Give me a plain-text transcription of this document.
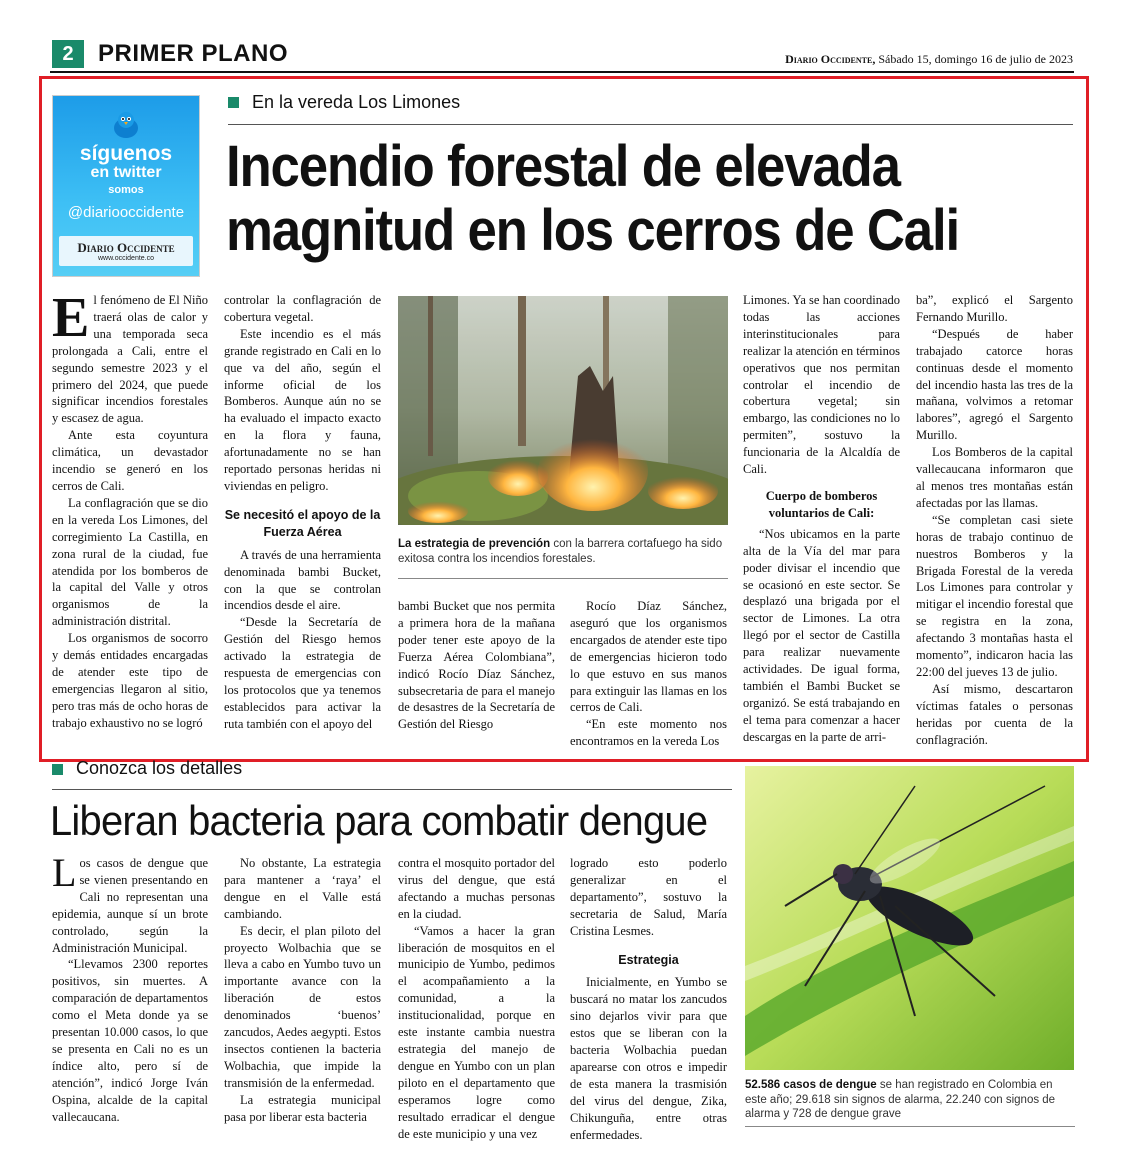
2	PRIMER PLANO	Diario Occidente, Sábado 15, domingo 16 de julio de 2023
síguenos
en twitter
somos
@diariooccidente
Diario Occidente
www.occidente.co
En la vereda Los Limones
Incendio forestal de elevada magnitud en los cerros de Cali
E l fenómeno de El Niño traerá olas de calor y una temporada seca prolongada a Cali, entre el segundo semestre 2023 y el primero del 2024, que puede significar incendios forestales y escasez de agua.

Ante esta coyuntura climática, un devastador incendio se generó en los cerros de Cali.

La conflagración que se dio en la vereda Los Limones, del corregimiento La Castilla, en zona rural de la ciudad, fue atendida por los bomberos de la capital del Valle y otros organismos de la administración distrital.

Los organismos de socorro y demás entidades encargadas de atender este tipo de emergencias llegaron al sitio, pero tras más de ocho horas de trabajo exhaustivo no se logró

controlar la conflagración de cobertura vegetal.

Este incendio es el más grande registrado en Cali en lo que va del año, según el informe oficial de los Bomberos. Aunque aún no se ha evaluado el impacto exacto en la flora y fauna, afortunadamente no se han reportado personas heridas ni viviendas en peligro.

Se necesitó el apoyo de la Fuerza Aérea

A través de una herramienta denominada bambi Bucket, con la que se controlan incendios desde el aire.

“Desde la Secretaría de Gestión del Riesgo hemos activado la estrategia de respuesta de emergencias con los protocolos que ya tenemos establecidos para activar la ruta también con el apoyo del

La estrategia de prevención con la barrera cortafuego ha sido exitosa contra los incendios forestales.

bambi Bucket que nos permita a primera hora de la mañana poder tener este apoyo de la Fuerza Aérea Colombiana”, indicó Rocío Díaz Sánchez, subsecretaria de para el manejo de desastres de la Secretaría de Gestión del Riesgo

Rocío Díaz Sánchez, aseguró que los organismos encargados de atender este tipo de emergencias hicieron todo lo que estuvo en sus manos para extinguir las llamas en los cerros de Cali.

“En este momento nos encontramos en la vereda Los

Limones. Ya se han coordinado todas las acciones interinstitucionales para realizar la atención en términos operativos que nos permitan controlar el incendio de cobertura vegetal; sin embargo, las condiciones no lo permiten”, sostuvo la funcionaria de la Alcaldía de Cali.

Cuerpo de bomberos voluntarios de Cali:

“Nos ubicamos en la parte alta de la Vía del mar para poder divisar el incendio que se ocasionó en este sector. Se desplazó una brigada por el sector de Limones. La otra llegó por el sector de Castilla para realizar nuevamente actividades. De igual forma, también el Bambi Bucket se organizó. Se está trabajando en el tema para comenzar a hacer descargas en la parte de arri-

ba”, explicó el Sargento Fernando Murillo.

“Después de haber trabajado catorce horas continuas desde el momento del incendio hasta las tres de la mañana, volvimos a retomar labores”, agregó el Sargento Murillo.

Los Bomberos de la capital vallecaucana informaron que al menos tres montañas están afectadas por las llamas.

“Se completan casi siete horas de trabajo continuo de nuestros Bomberos y la Brigada Forestal de la vereda Los Limones para controlar y mitigar el incendio forestal que se registra en la zona, afectando 3 montañas hasta el momento”, indicaron hacia las 22:00 del jueves 13 de julio.

Así mismo, descartaron víctimas fatales o personas heridas por cuenta de la conflagración.

Conozca los detalles
Liberan bacteria para combatir dengue
L os casos de dengue que se vienen presentando en Cali no representan una epidemia, aunque sí un brote controlado, según la Administración Municipal.

“Llevamos 2300 reportes positivos, sin muertes. A comparación de departamentos como el Meta donde ya se presentan 10.000 casos, lo que se presenta en Cali no es un índice alto, pero sí de atención”, indicó Jorge Iván Ospina, alcalde de la capital vallecaucana.

No obstante, La estrategia para mantener a ‘raya’ el dengue en el Valle está cambiando.

Es decir, el plan piloto del proyecto Wolbachia que se lleva a cabo en Yumbo tuvo un importante avance con la liberación de estos denominados ‘buenos’ zancudos, Aedes aegypti. Estos insectos contienen la bacteria Wolbachia, que impide la transmisión de la enfermedad.

La estrategia municipal pasa por liberar esta bacteria

contra el mosquito portador del virus del dengue, que está afectando a muchas personas en la ciudad.

“Vamos a hacer la gran liberación de mosquitos en el municipio de Yumbo, pedimos el acompañamiento a la comunidad, a la institucionalidad, porque en este instante cambia nuestra estrategia del manejo de dengue en Yumbo con un plan piloto en el departamento que esperamos logre como resultado erradicar el dengue de este municipio y una vez

logrado esto poderlo generalizar en el departamento”, sostuvo la secretaria de Salud, María Cristina Lesmes.

Estrategia

Inicialmente, en Yumbo se buscará no matar los zancudos sino dejarlos vivir para que estos que se liberan con la bacteria Wolbachia puedan aparearse con otros e impedir de esta manera la trasmisión del virus del dengue, Zika, Chikunguña, entre otras enfermedades.

52.586 casos de dengue se han registrado en Colombia en este año; 29.618 sin signos de alarma, 22.240 con signos de alarma y 728 de dengue grave
